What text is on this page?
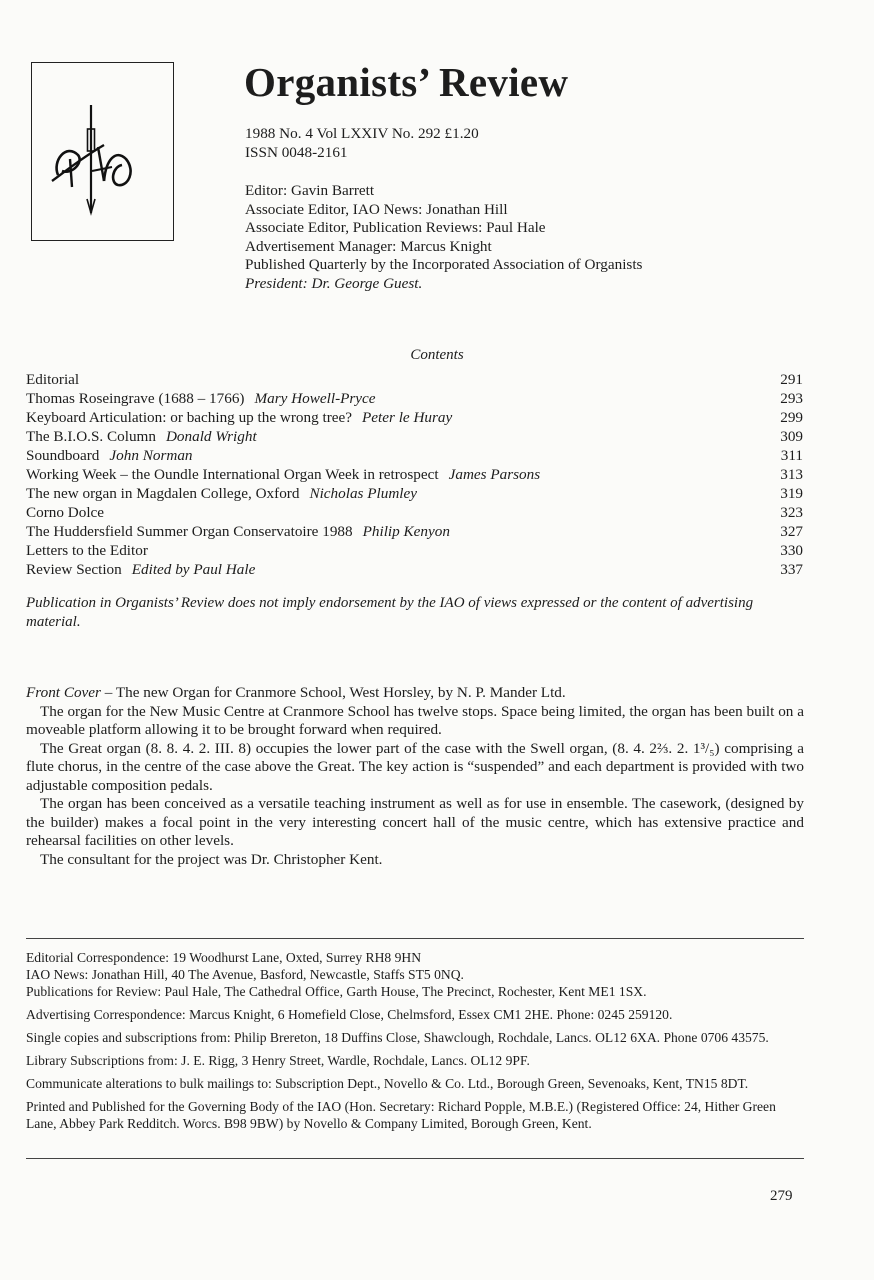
Organists’ Review
1988 No. 4 Vol LXXIV No. 292 £1.20
ISSN 0048-2161
Editor: Gavin Barrett
Associate Editor, IAO News: Jonathan Hill
Associate Editor, Publication Reviews: Paul Hale
Advertisement Manager: Marcus Knight
Published Quarterly by the Incorporated Association of Organists
President: Dr. George Guest.
Contents
Editorial	291
Thomas Roseingrave (1688 – 1766) Mary Howell-Pryce	293
Keyboard Articulation: or baching up the wrong tree? Peter le Huray	299
The B.I.O.S. Column Donald Wright	309
Soundboard John Norman	311
Working Week – the Oundle International Organ Week in retrospect James Parsons	313
The new organ in Magdalen College, Oxford Nicholas Plumley	319
Corno Dolce	323
The Huddersfield Summer Organ Conservatoire 1988 Philip Kenyon	327
Letters to the Editor	330
Review Section Edited by Paul Hale	337
Publication in Organists’ Review does not imply endorsement by the IAO of views expressed or the content of advertising material.

Front Cover – The new Organ for Cranmore School, West Horsley, by N. P. Mander Ltd.

The organ for the New Music Centre at Cranmore School has twelve stops. Space being limited, the organ has been built on a moveable platform allowing it to be brought forward when required.

The Great organ (8. 8. 4. 2. III. 8) occupies the lower part of the case with the Swell organ, (8. 4. 2⅔. 2. 1³/₅) comprising a flute chorus, in the centre of the case above the Great. The key action is “suspended” and each department is provided with two adjustable composition pedals.

The organ has been conceived as a versatile teaching instrument as well as for use in ensemble. The casework, (designed by the builder) makes a focal point in the very interesting concert hall of the music centre, which has extensive practice and rehearsal facilities on other levels.

The consultant for the project was Dr. Christopher Kent.

Editorial Correspondence: 19 Woodhurst Lane, Oxted, Surrey RH8 9HN
IAO News: Jonathan Hill, 40 The Avenue, Basford, Newcastle, Staffs ST5 0NQ.
Publications for Review: Paul Hale, The Cathedral Office, Garth House, The Precinct, Rochester, Kent ME1 1SX.
Advertising Correspondence: Marcus Knight, 6 Homefield Close, Chelmsford, Essex CM1 2HE. Phone: 0245 259120.
Single copies and subscriptions from: Philip Brereton, 18 Duffins Close, Shawclough, Rochdale, Lancs. OL12 6XA. Phone 0706 43575.
Library Subscriptions from: J. E. Rigg, 3 Henry Street, Wardle, Rochdale, Lancs. OL12 9PF.
Communicate alterations to bulk mailings to: Subscription Dept., Novello & Co. Ltd., Borough Green, Sevenoaks, Kent, TN15 8DT.
Printed and Published for the Governing Body of the IAO (Hon. Secretary: Richard Popple, M.B.E.) (Registered Office: 24, Hither Green Lane, Abbey Park Redditch. Worcs. B98 9BW) by Novello & Company Limited, Borough Green, Kent.
279
